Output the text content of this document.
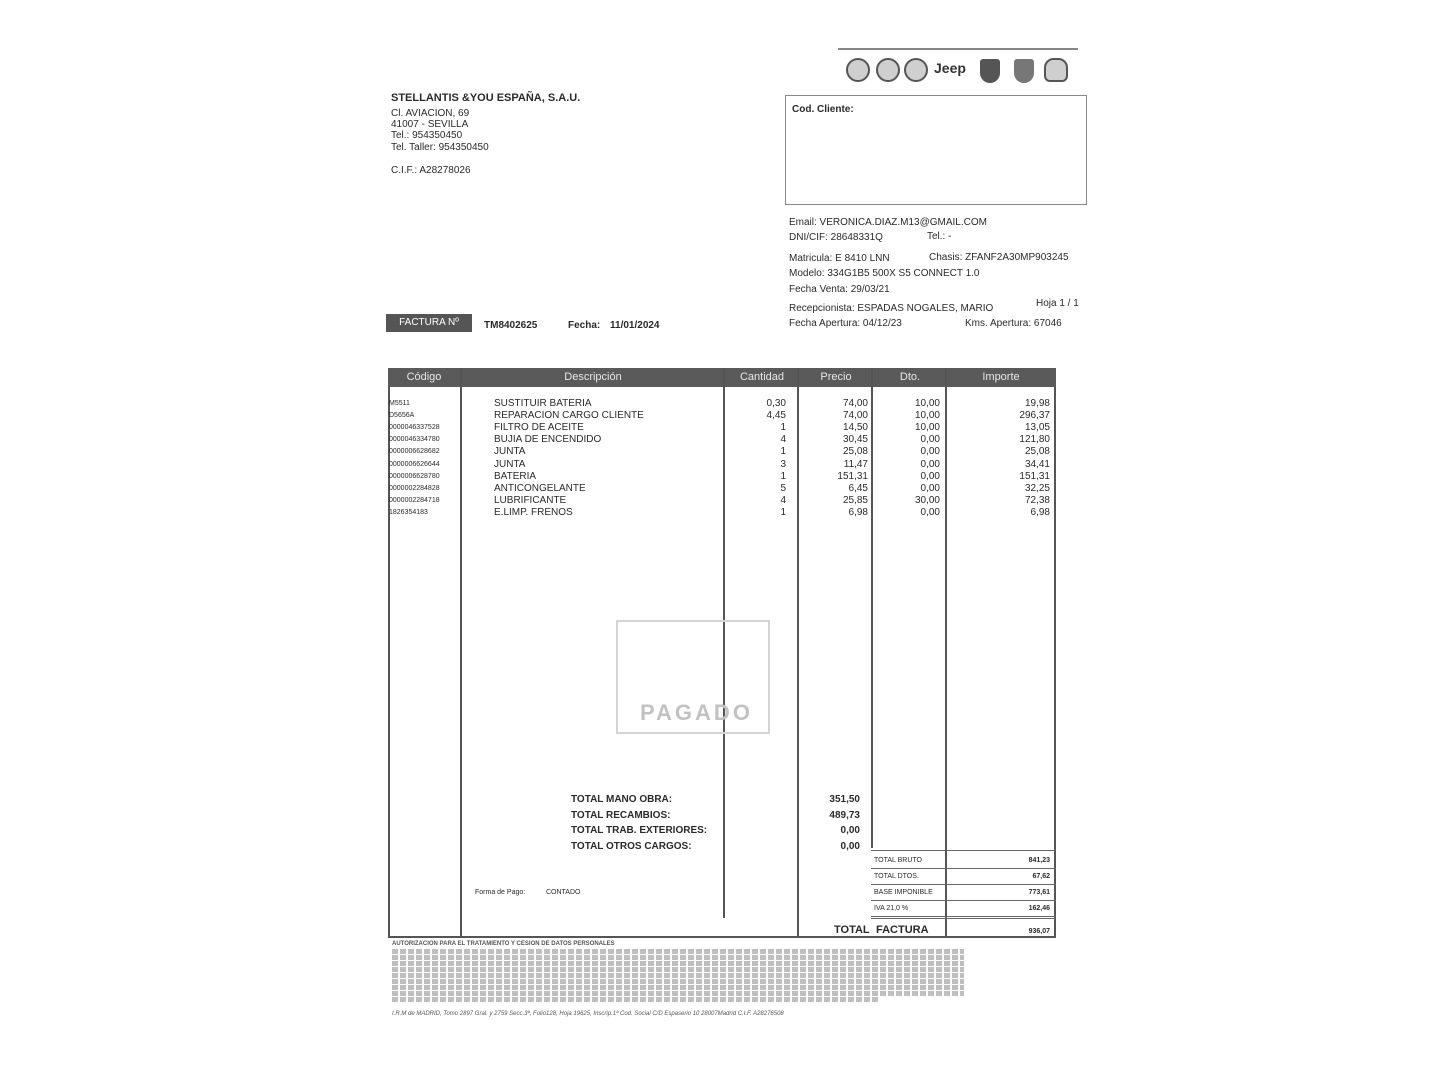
Jeep
STELLANTIS &YOU ESPAÑA, S.A.U.
Cl. AVIACION, 69
41007 - SEVILLA
Tel.: 954350450
Tel. Taller: 954350450
C.I.F.: A28278026
Cod. Cliente:
Email: VERONICA.DIAZ.M13@GMAIL.COM
DNI/CIF: 28648331Q	Tel.: -
Matricula: E 8410 LNN	Chasis: ZFANF2A30MP903245
Modelo: 334G1B5 500X S5 CONNECT 1.0
Fecha Venta: 29/03/21
Recepcionista: ESPADAS NOGALES, MARIO	Hoja 1 / 1
Fecha Apertura: 04/12/23	Kms. Apertura: 67046
FACTURA Nº	TM8402625	Fecha: 11/01/2024
Código	Descripción	Cantidad	Precio	Dto.	Importe
M5511	SUSTITUIR BATERIA	0,30	74,00	10,00	19,98
D5656A	REPARACION CARGO CLIENTE	4,45	74,00	10,00	296,37
0000046337528	FILTRO DE ACEITE	1	14,50	10,00	13,05
0000046334780	BUJIA DE ENCENDIDO	4	30,45	0,00	121,80
0000006628682	JUNTA	1	25,08	0,00	25,08
0000006626644	JUNTA	3	11,47	0,00	34,41
0000006628780	BATERIA	1	151,31	0,00	151,31
0000002284828	ANTICONGELANTE	5	6,45	0,00	32,25
0000002284718	LUBRIFICANTE	4	25,85	30,00	72,38
1826354183	E.LIMP. FRENOS	1	6,98	0,00	6,98
PAGADO
TOTAL MANO OBRA:	351,50
TOTAL RECAMBIOS:	489,73
TOTAL TRAB. EXTERIORES:	0,00
TOTAL OTROS CARGOS:	0,00
Forma de Pago:	CONTADO
TOTAL BRUTO	841,23
TOTAL DTOS.	67,62
BASE IMPONIBLE	773,61
IVA 21,0 %	162,46
TOTAL FACTURA	936,07
AUTORIZACION PARA EL TRATAMIENTO Y CESION DE DATOS PERSONALES
I.R.M de MADRID, Tomo 2897 Gral. y 2759 Secc.3ª, Folio128, Hoja 19625, Inscrip.1ª Cod. Social C/D Espaserio 10 28007Madrid C.I.F. A28276508
